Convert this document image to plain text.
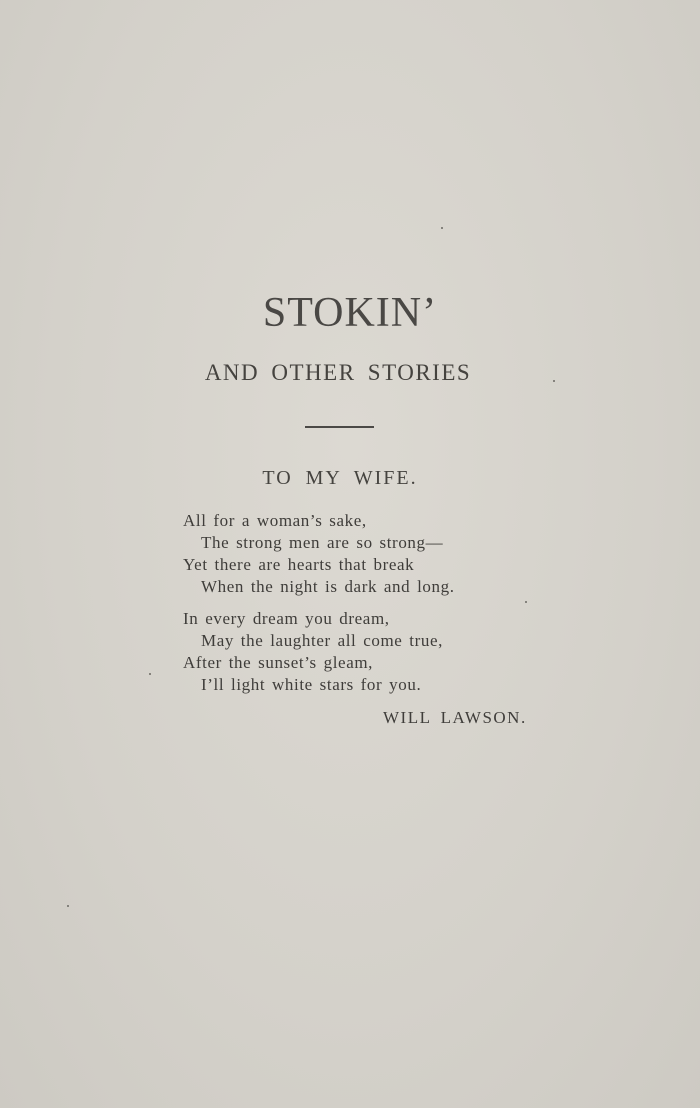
STOKIN’
AND OTHER STORIES
TO MY WIFE.
All for a woman’s sake,
The strong men are so strong—
Yet there are hearts that break
When the night is dark and long.
In every dream you dream,
May the laughter all come true,
After the sunset’s gleam,
I’ll light white stars for you.
WILL LAWSON.
